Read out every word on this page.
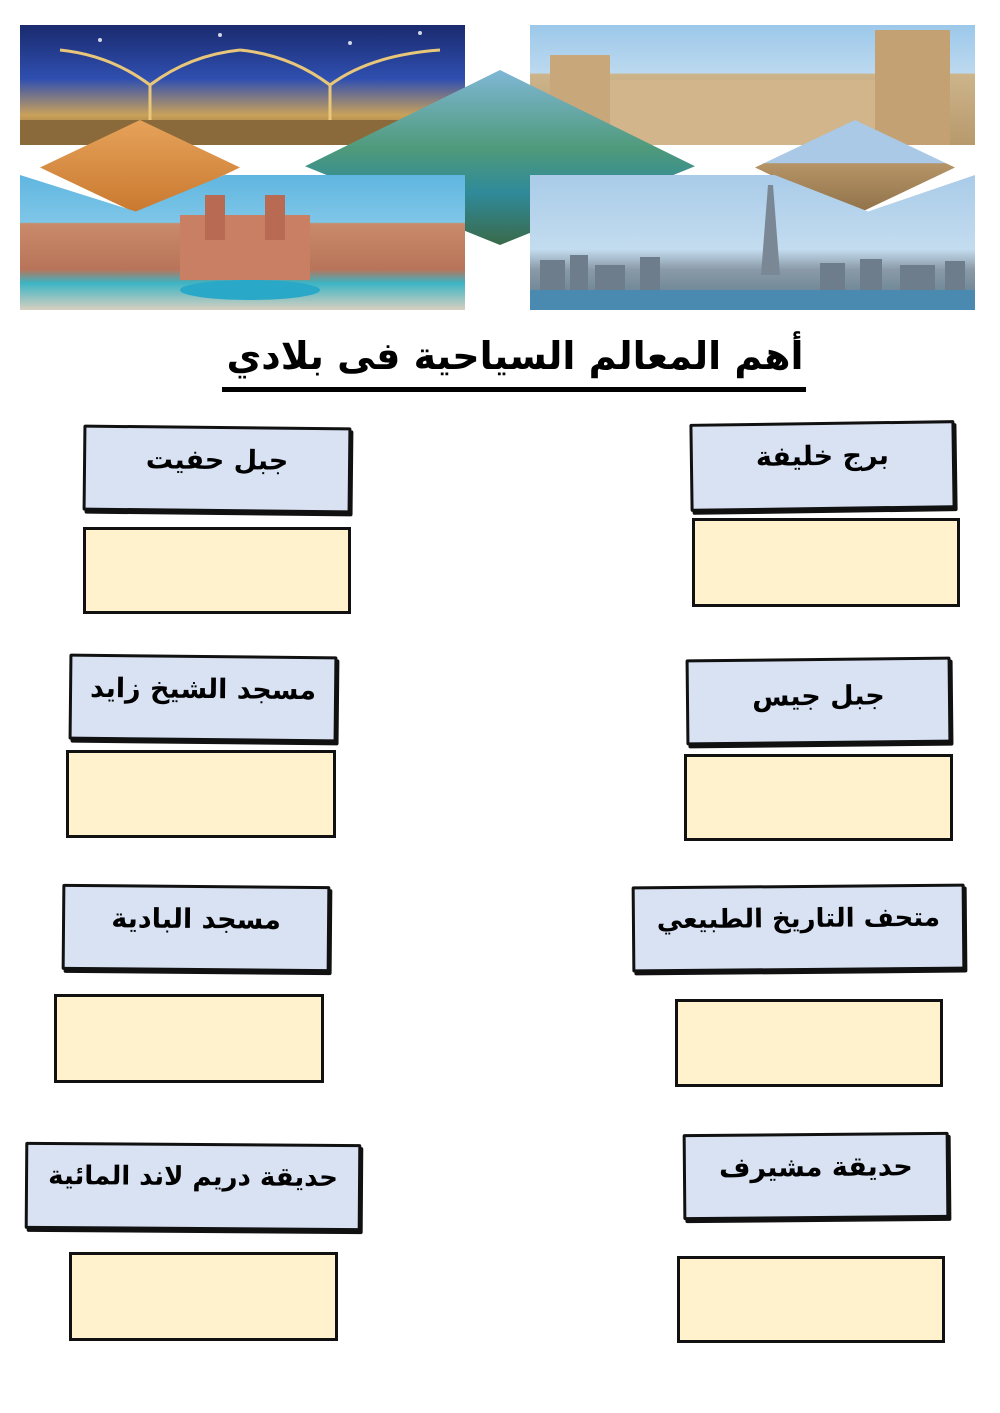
أهم المعالم السياحية فى بلادي
برج خليفة
جبل حفيت
جبل جيس
مسجد الشيخ زايد
متحف التاريخ الطبيعي
مسجد البادية
حديقة مشيرف
حديقة دريم لاند المائية
